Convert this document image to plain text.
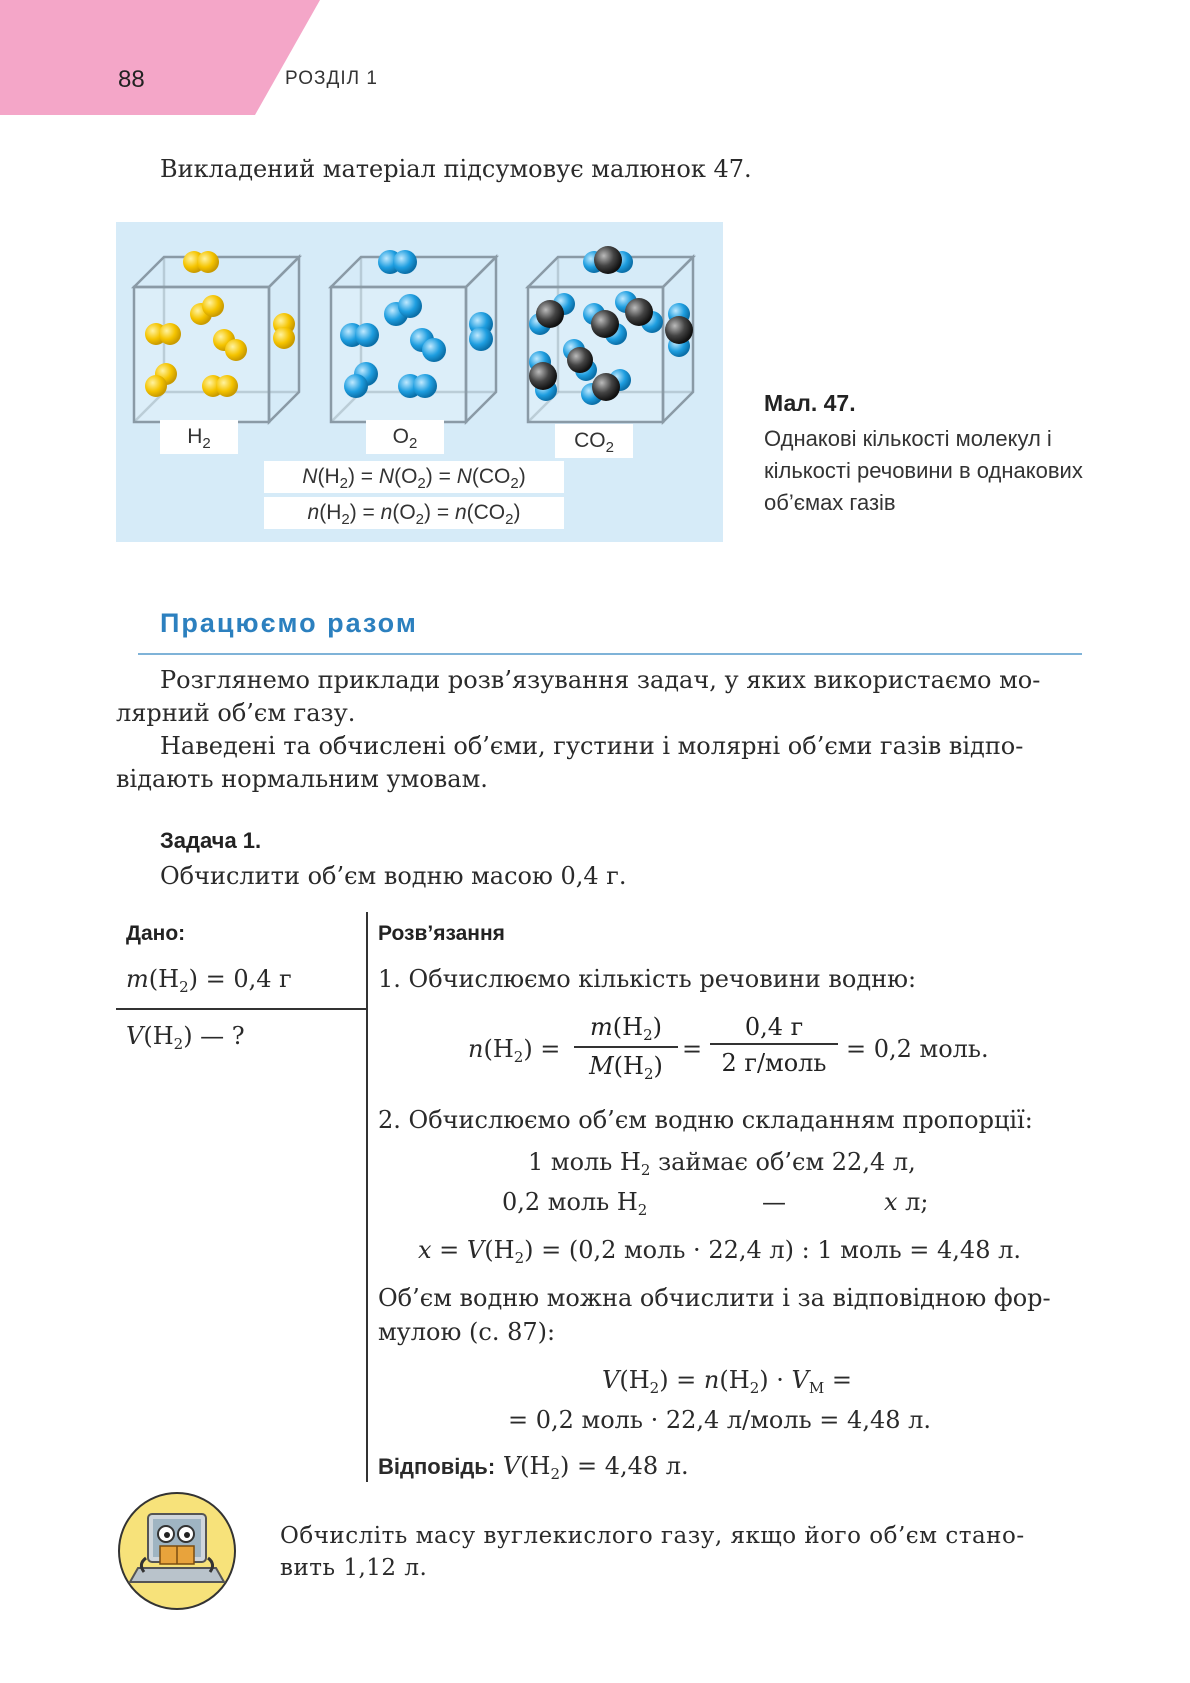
88	РОЗДІЛ 1
Викладений матеріал підсумовує малюнок 47.
$H_2$	$O_2$	$CO_2$
$N(H_2) = N(O_2) = N(CO_2)$
$n(H_2) = n(O_2) = n(CO_2)$
Мал. 47.
Однакові кількості молекул і кількості речовини в однакових об’ємах газів
Працюємо разом
Розглянемо приклади розв’язування задач, у яких використаємо мо-
лярний об’єм газу.
Наведені та обчислені об’єми, густини і молярні об’єми газів відпо-
відають нормальним умовам.
Задача 1.
Обчислити об’єм водню масою 0,4 г.
Дано:
$m(H_2) = 0,4$ г
$V(H_2)$ — ?
Розв’язання
1. Обчислюємо кількість речовини водню:
$n(H_2) = \frac{m(H_2)}{M(H_2)}$ =
0,4 г
2 г/моль = 0,2 моль.
2. Обчислюємо об’єм водню складанням пропорції:
1 моль $H_2$ займає об’єм 22,4 л,
0,2 моль $H_2$	—	x л;
$x = V(H_2) = (0,2$ моль · 22,4 л) : 1 моль = 4,48 л.
Об’єм водню можна обчислити і за відповідною фор-
мулою (с. 87):
$V(H_2) = n(H_2) \cdot V_M$ =
= 0,2 моль · 22,4 л/моль = 4,48 л.
Відповідь: $V(H_2) = 4,48$ л.
Обчисліть масу вуглекислого газу, якщо його об’єм стано-
вить 1,12 л.
